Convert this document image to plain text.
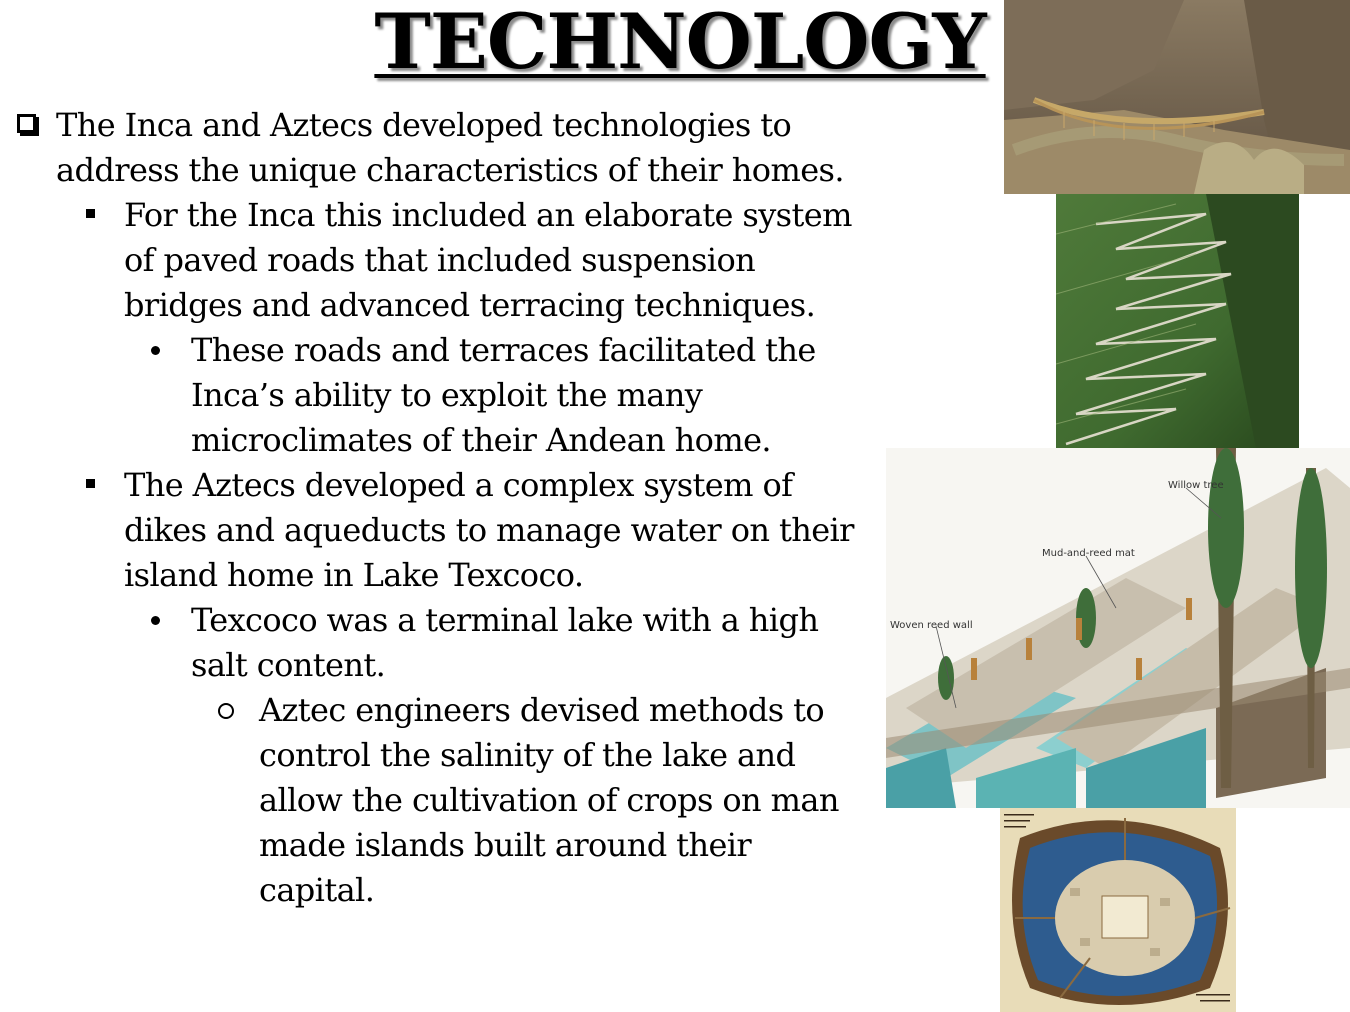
TECHNOLOGY
The Inca and Aztecs developed technologies to
address the unique characteristics of their homes.
For the Inca this included an elaborate system
of paved roads that included suspension
bridges and advanced terracing techniques.
These roads and terraces facilitated the
Inca’s ability to exploit the many
microclimates of their Andean home.
The Aztecs developed a complex system of
dikes and aqueducts to manage water on their
island home in Lake Texcoco.
Texcoco was a terminal lake with a high
salt content.
Aztec engineers devised methods to
control the salinity of the lake and
allow the cultivation of crops on man
made islands built around their
capital.
Woven reed wall
Mud-and-reed mat
Willow tree
